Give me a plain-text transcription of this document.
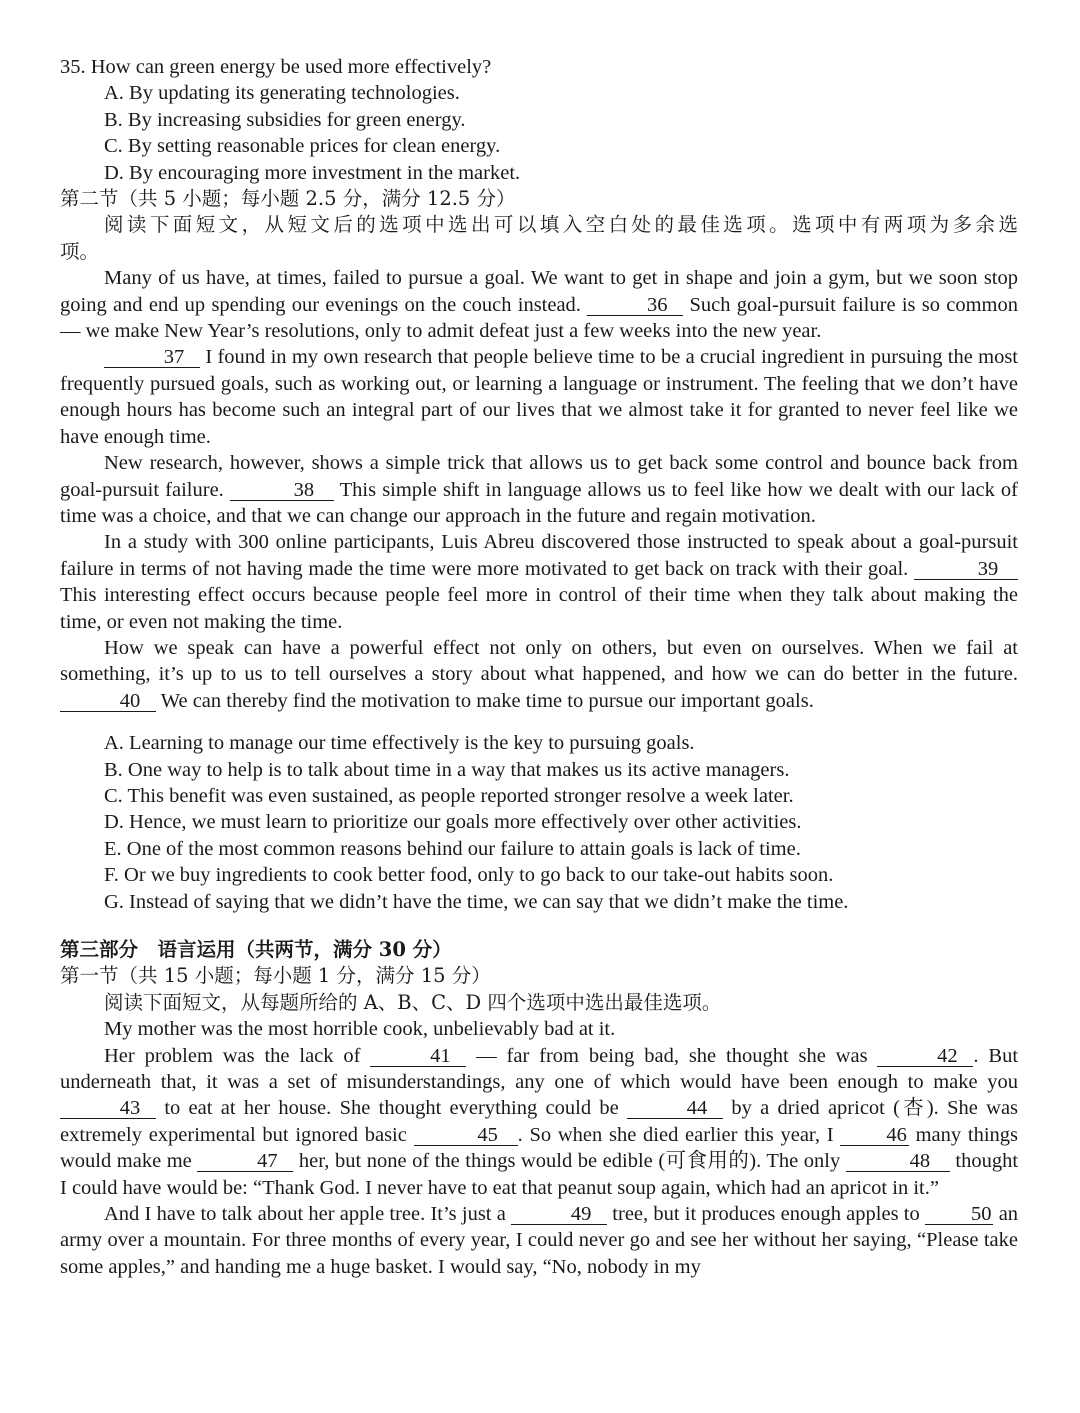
35. How can green energy be used more effectively?
A. By updating its generating technologies.
B. By increasing subsidies for green energy.
C. By setting reasonable prices for clean energy.
D. By encouraging more investment in the market.
第二节（共 5 小题；每小题 2.5 分，满分 12.5 分）
阅读下面短文，从短文后的选项中选出可以填入空白处的最佳选项。选项中有两项为多余选
项。
Many of us have, at times, failed to pursue a goal. We want to get in shape and join a gym, but we soon stop going and end up spending our evenings on the couch instead.	36 Such goal-pursuit failure is so common — we make New Year’s resolutions, only to admit defeat just a few weeks into the new year.
37 I found in my own research that people believe time to be a crucial ingredient in pursuing the most frequently pursued goals, such as working out, or learning a language or instrument. The feeling that we don’t have enough hours has become such an integral part of our lives that we almost take it for granted to never feel like we have enough time.
New research, however, shows a simple trick that allows us to get back some control and bounce back from goal-pursuit failure.	38 This simple shift in language allows us to feel like how we dealt with our lack of time was a choice, and that we can change our approach in the future and regain motivation.
In a study with 300 online participants, Luis Abreu discovered those instructed to speak about a goal-pursuit failure in terms of not having made the time were more motivated to get back on track with their goal.	39 This interesting effect occurs because people feel more in control of their time when they talk about making the time, or even not making the time.
How we speak can have a powerful effect not only on others, but even on ourselves. When we fail at something, it’s up to us to tell ourselves a story about what happened, and how we can do better in the future. 40 We can thereby find the motivation to make time to pursue our important goals.
A. Learning to manage our time effectively is the key to pursuing goals.
B. One way to help is to talk about time in a way that makes us its active managers.
C. This benefit was even sustained, as people reported stronger resolve a week later.
D. Hence, we must learn to prioritize our goals more effectively over other activities.
E. One of the most common reasons behind our failure to attain goals is lack of time.
F. Or we buy ingredients to cook better food, only to go back to our take-out habits soon.
G. Instead of saying that we didn’t have the time, we can say that we didn’t make the time.
第三部分　语言运用（共两节，满分 30 分）
第一节（共 15 小题；每小题 1 分，满分 15 分）
阅读下面短文，从每题所给的 A、B、C、D 四个选项中选出最佳选项。
My mother was the most horrible cook, unbelievably bad at it.
Her problem was the lack of	41 — far from being bad, she thought she was	42 . But underneath that, it was a set of misunderstandings, any one of which would have been enough to make you 43 to eat at her house. She thought everything could be	44 by a dried apricot (杏). She was extremely experimental but ignored basic	45 . So when she died earlier this year, I	46 many things would make me	47 her, but none of the things would be edible (可食用的). The only	48 thought I could have would be: “Thank God. I never have to eat that peanut soup again, which had an apricot in it.”
And I have to talk about her apple tree. It’s just a	49 tree, but it produces enough apples to 50 an army over a mountain. For three months of every year, I could never go and see her without her saying, “Please take some apples,” and handing me a huge basket. I would say, “No, nobody in my
